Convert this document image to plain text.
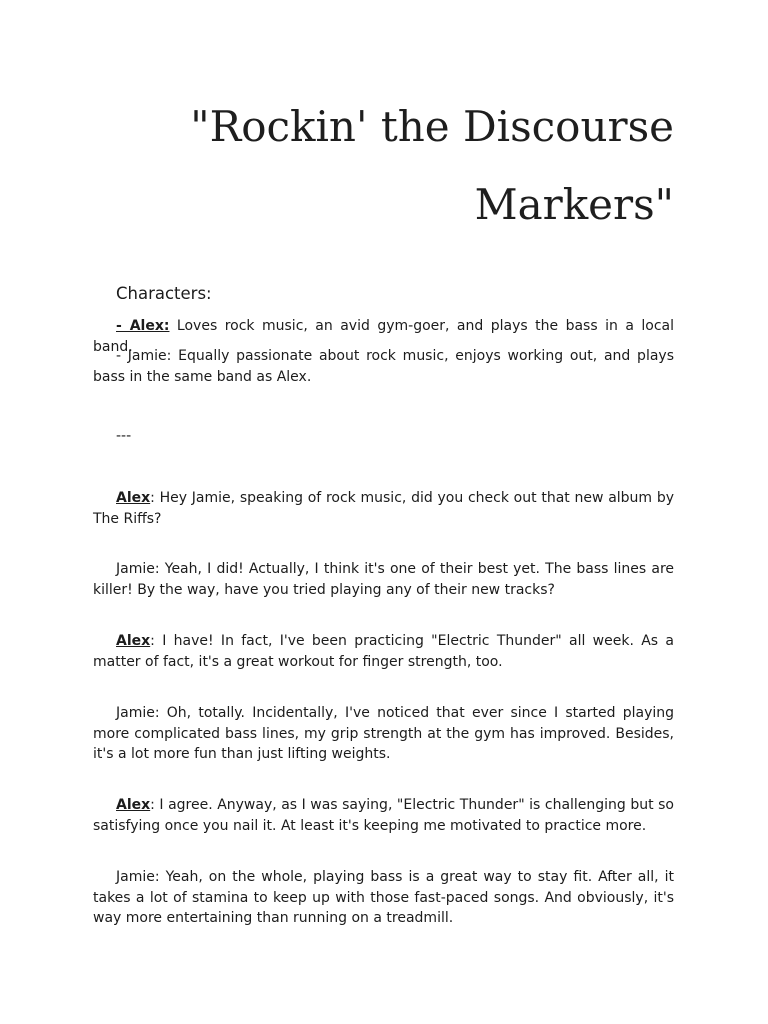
"Rockin' the Discourse Markers"

Characters:

- Alex: Loves rock music, an avid gym-goer, and plays the bass in a local band.

- Jamie: Equally passionate about rock music, enjoys working out, and plays bass in the same band as Alex.

---

Alex: Hey Jamie, speaking of rock music, did you check out that new album by The Riffs?

Jamie: Yeah, I did! Actually, I think it's one of their best yet. The bass lines are killer! By the way, have you tried playing any of their new tracks?

Alex: I have! In fact, I've been practicing "Electric Thunder" all week. As a matter of fact, it's a great workout for finger strength, too.

Jamie: Oh, totally. Incidentally, I've noticed that ever since I started playing more complicated bass lines, my grip strength at the gym has improved. Besides, it's a lot more fun than just lifting weights.

Alex: I agree. Anyway, as I was saying, "Electric Thunder" is challenging but so satisfying once you nail it. At least it's keeping me motivated to practice more.

Jamie: Yeah, on the whole, playing bass is a great way to stay fit. After all, it takes a lot of stamina to keep up with those fast-paced songs. And obviously, it's way more entertaining than running on a treadmill.
